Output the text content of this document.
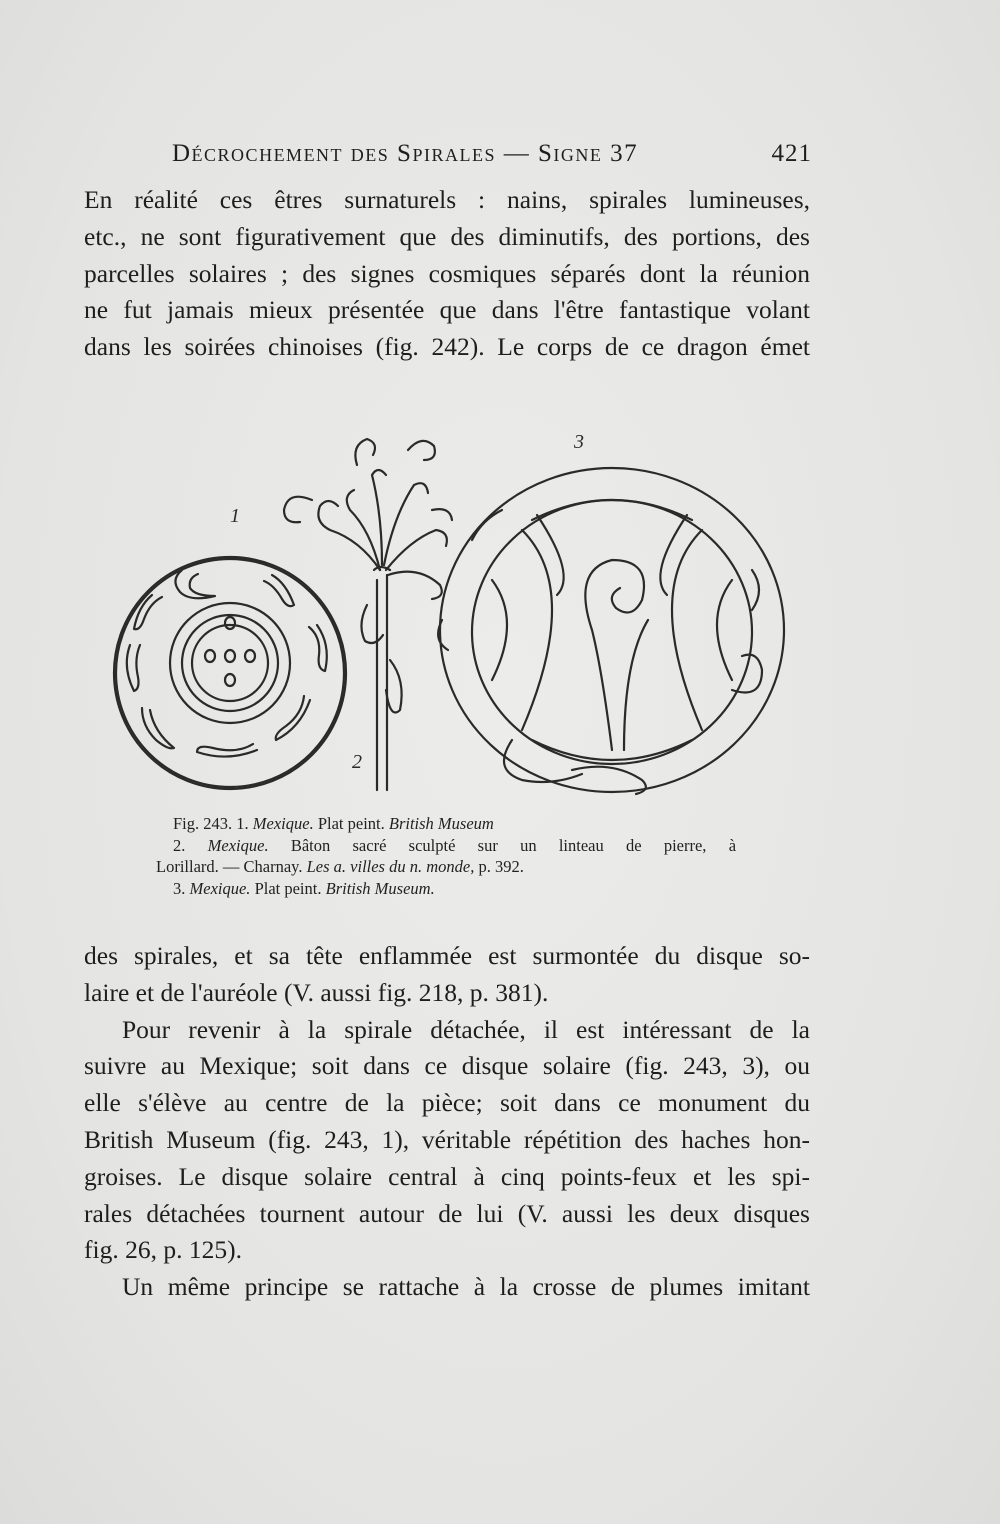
Décrochement des Spirales — Signe 37	421
En réalité ces êtres surnaturels : nains, spirales lumineuses,
etc., ne sont figurativement que des diminutifs, des portions, des
parcelles solaires ; des signes cosmiques séparés dont la réunion
ne fut jamais mieux présentée que dans l'être fantastique volant
dans les soirées chinoises (fig. 242). Le corps de ce dragon émet
1
2
3
Fig. 243. 1. Mexique. Plat peint. British Museum
2. Mexique. Bâton sacré sculpté sur un linteau de pierre, à
Lorillard. — Charnay. Les a. villes du n. monde, p. 392.
3. Mexique. Plat peint. British Museum.
des spirales, et sa tête enflammée est surmontée du disque so-
laire et de l'auréole (V. aussi fig. 218, p. 381).
Pour revenir à la spirale détachée, il est intéressant de la
suivre au Mexique; soit dans ce disque solaire (fig. 243, 3), ou
elle s'élève au centre de la pièce; soit dans ce monument du
British Museum (fig. 243, 1), véritable répétition des haches hon-
groises. Le disque solaire central à cinq points-feux et les spi-
rales détachées tournent autour de lui (V. aussi les deux disques
fig. 26, p. 125).
Un même principe se rattache à la crosse de plumes imitant
